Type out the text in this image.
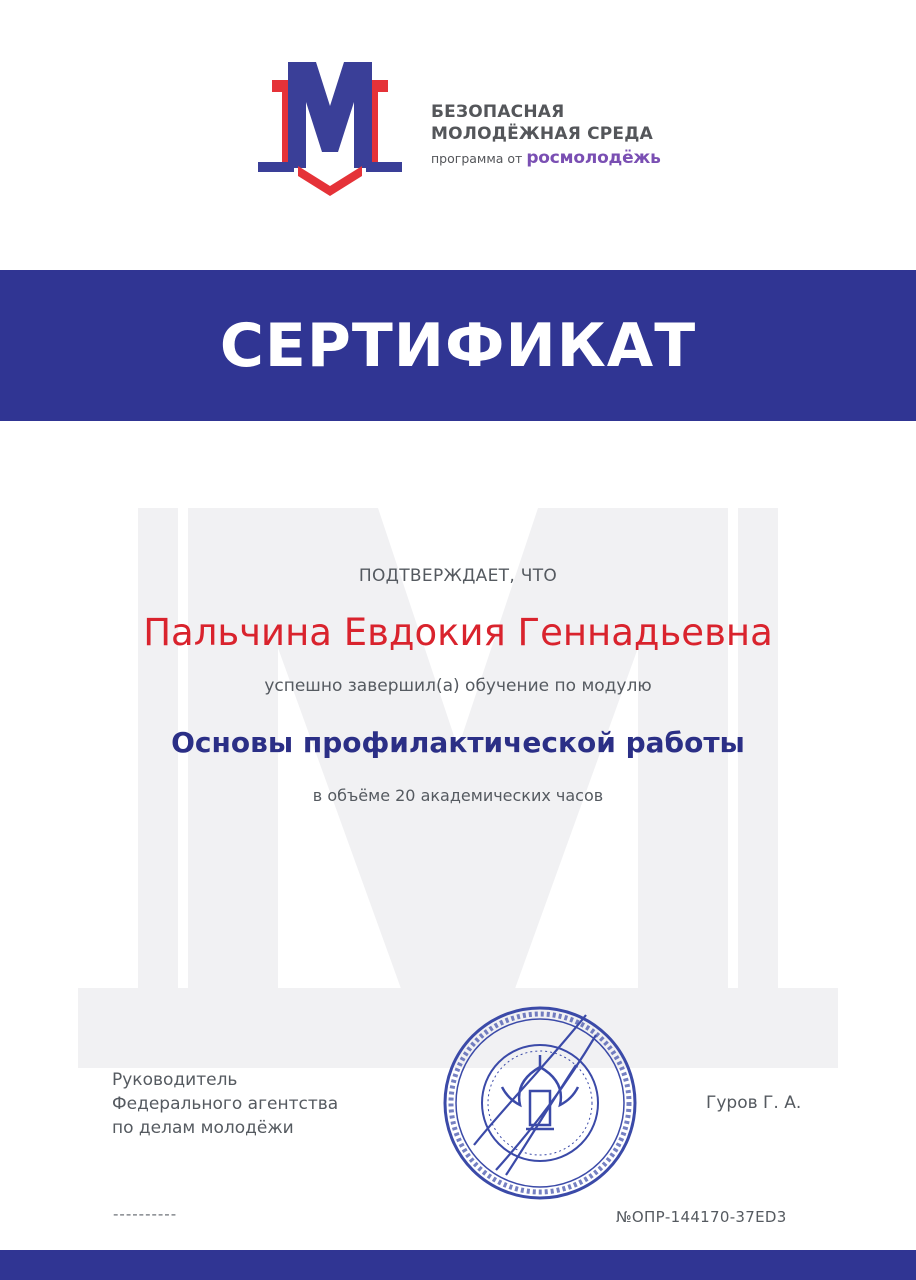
БЕЗОПАСНАЯ
МОЛОДЁЖНАЯ СРЕДА
программа от росмолодёжь
СЕРТИФИКАТ
ПОДТВЕРЖДАЕТ, ЧТО
Пальчина Евдокия Геннадьевна
успешно завершил(а) обучение по модулю
Основы профилактической работы
в объёме 20 академических часов
Руководитель
Федерального агентства
по делам молодёжи
Гуров Г. А.
----------	№ОПР-144170-37ED3
